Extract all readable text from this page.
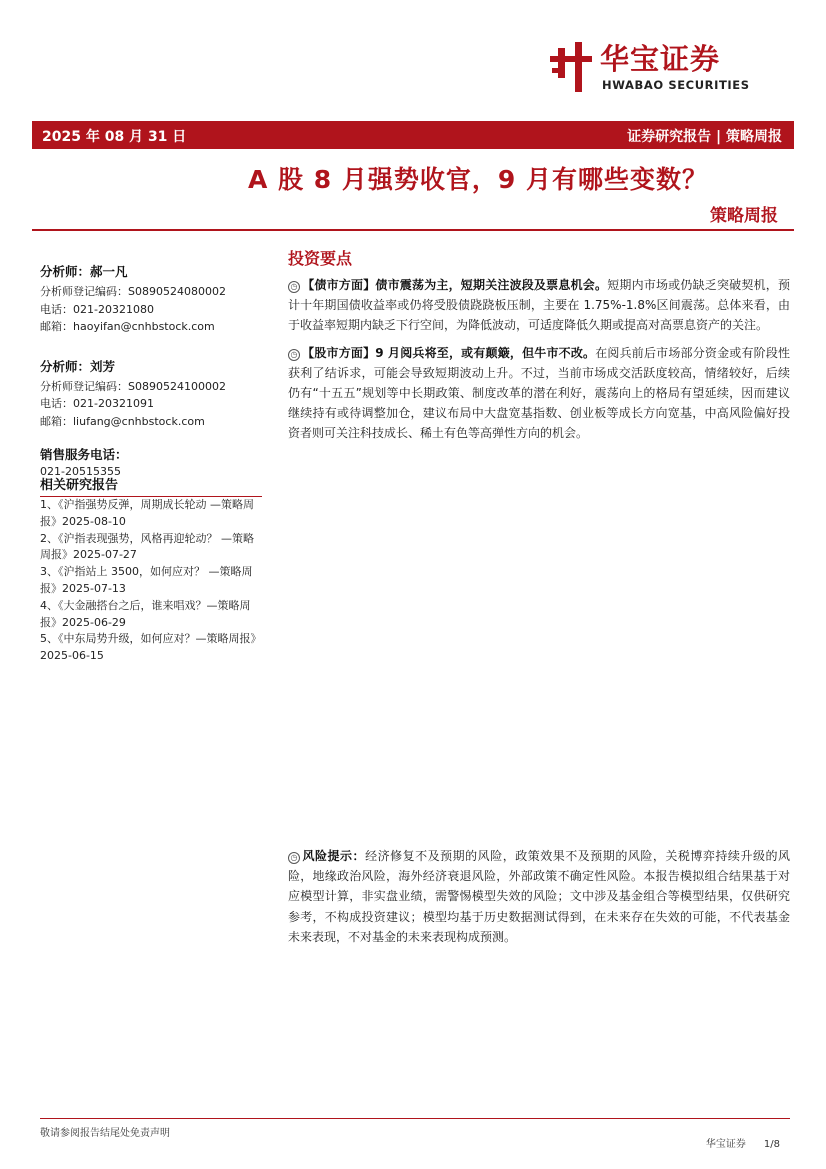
华宝证券
HWABAO SECURITIES
2025 年 08 月 31 日	证券研究报告 | 策略周报
A 股 8 月强势收官，9 月有哪些变数？
策略周报
分析师：郝一凡
分析师登记编码：S0890524080002
电话：021-20321080
邮箱：haoyifan@cnhbstock.com
分析师：刘芳
分析师登记编码：S0890524100002
电话：021-20321091
邮箱：liufang@cnhbstock.com
销售服务电话：
021-20515355
相关研究报告
1、《沪指强势反弹，周期成长轮动 —策略周报》2025-08-10
2、《沪指表现强势，风格再迎轮动？ —策略周报》2025-07-27
3、《沪指站上 3500，如何应对？ —策略周报》2025-07-13
4、《大金融搭台之后，谁来唱戏？—策略周报》2025-06-29
5、《中东局势升级，如何应对？—策略周报》2025-06-15
投资要点

◷ 【债市方面】债市震荡为主，短期关注波段及票息机会。短期内市场或仍缺乏突破契机，预计十年期国债收益率或仍将受股债跷跷板压制，主要在 1.75%-1.8%区间震荡。总体来看，由于收益率短期内缺乏下行空间，为降低波动，可适度降低久期或提高对高票息资产的关注。

◷ 【股市方面】9 月阅兵将至，或有颠簸，但牛市不改。在阅兵前后市场部分资金或有阶段性获利了结诉求，可能会导致短期波动上升。不过，当前市场成交活跃度较高，情绪较好，后续仍有“十五五”规划等中长期政策、制度改革的潜在利好，震荡向上的格局有望延续，因而建议继续持有或待调整加仓，建议布局中大盘宽基指数、创业板等成长方向宽基，中高风险偏好投资者则可关注科技成长、稀土有色等高弹性方向的机会。

◷ 风险提示：经济修复不及预期的风险，政策效果不及预期的风险，关税博弈持续升级的风险，地缘政治风险，海外经济衰退风险，外部政策不确定性风险。本报告模拟组合结果基于对应模型计算，非实盘业绩，需警惕模型失效的风险；文中涉及基金组合等模型结果，仅供研究参考，不构成投资建议；模型均基于历史数据测试得到，在未来存在失效的可能，不代表基金未来表现，不对基金的未来表现构成预测。

敬请参阅报告结尾处免责声明
华宝证券 1/8
